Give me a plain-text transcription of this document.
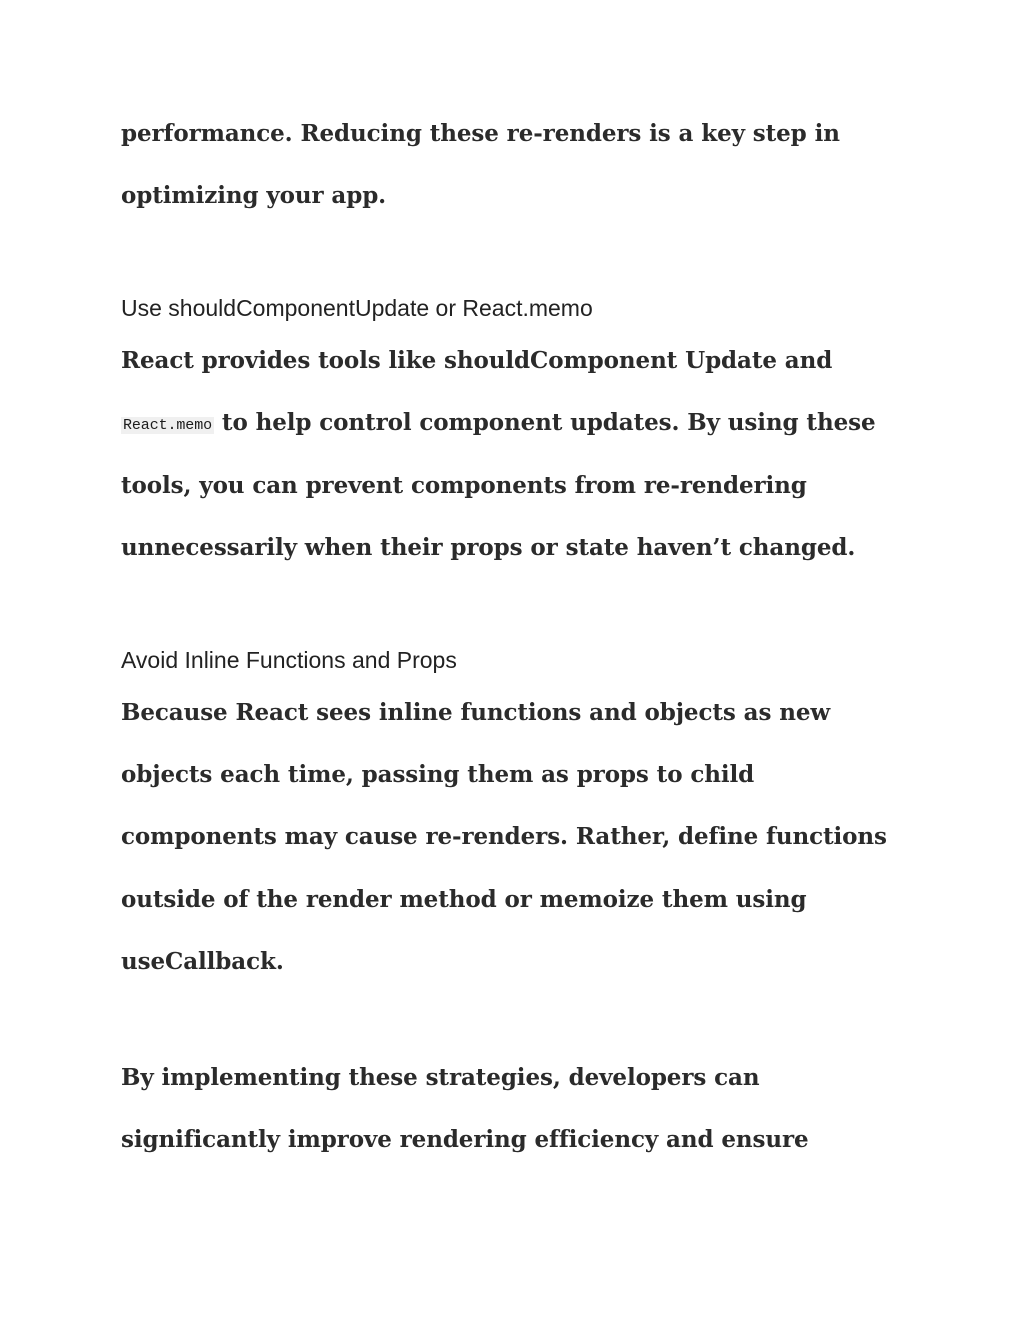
performance. Reducing these re-renders is a key step in
optimizing your app.
Use shouldComponentUpdate or React.memo
React provides tools like shouldComponent Update and
React.memo to help control component updates. By using these
tools, you can prevent components from re-rendering
unnecessarily when their props or state haven’t changed.
Avoid Inline Functions and Props
Because React sees inline functions and objects as new
objects each time, passing them as props to child
components may cause re-renders. Rather, define functions
outside of the render method or memoize them using
useCallback.
By implementing these strategies, developers can
significantly improve rendering efficiency and ensure
